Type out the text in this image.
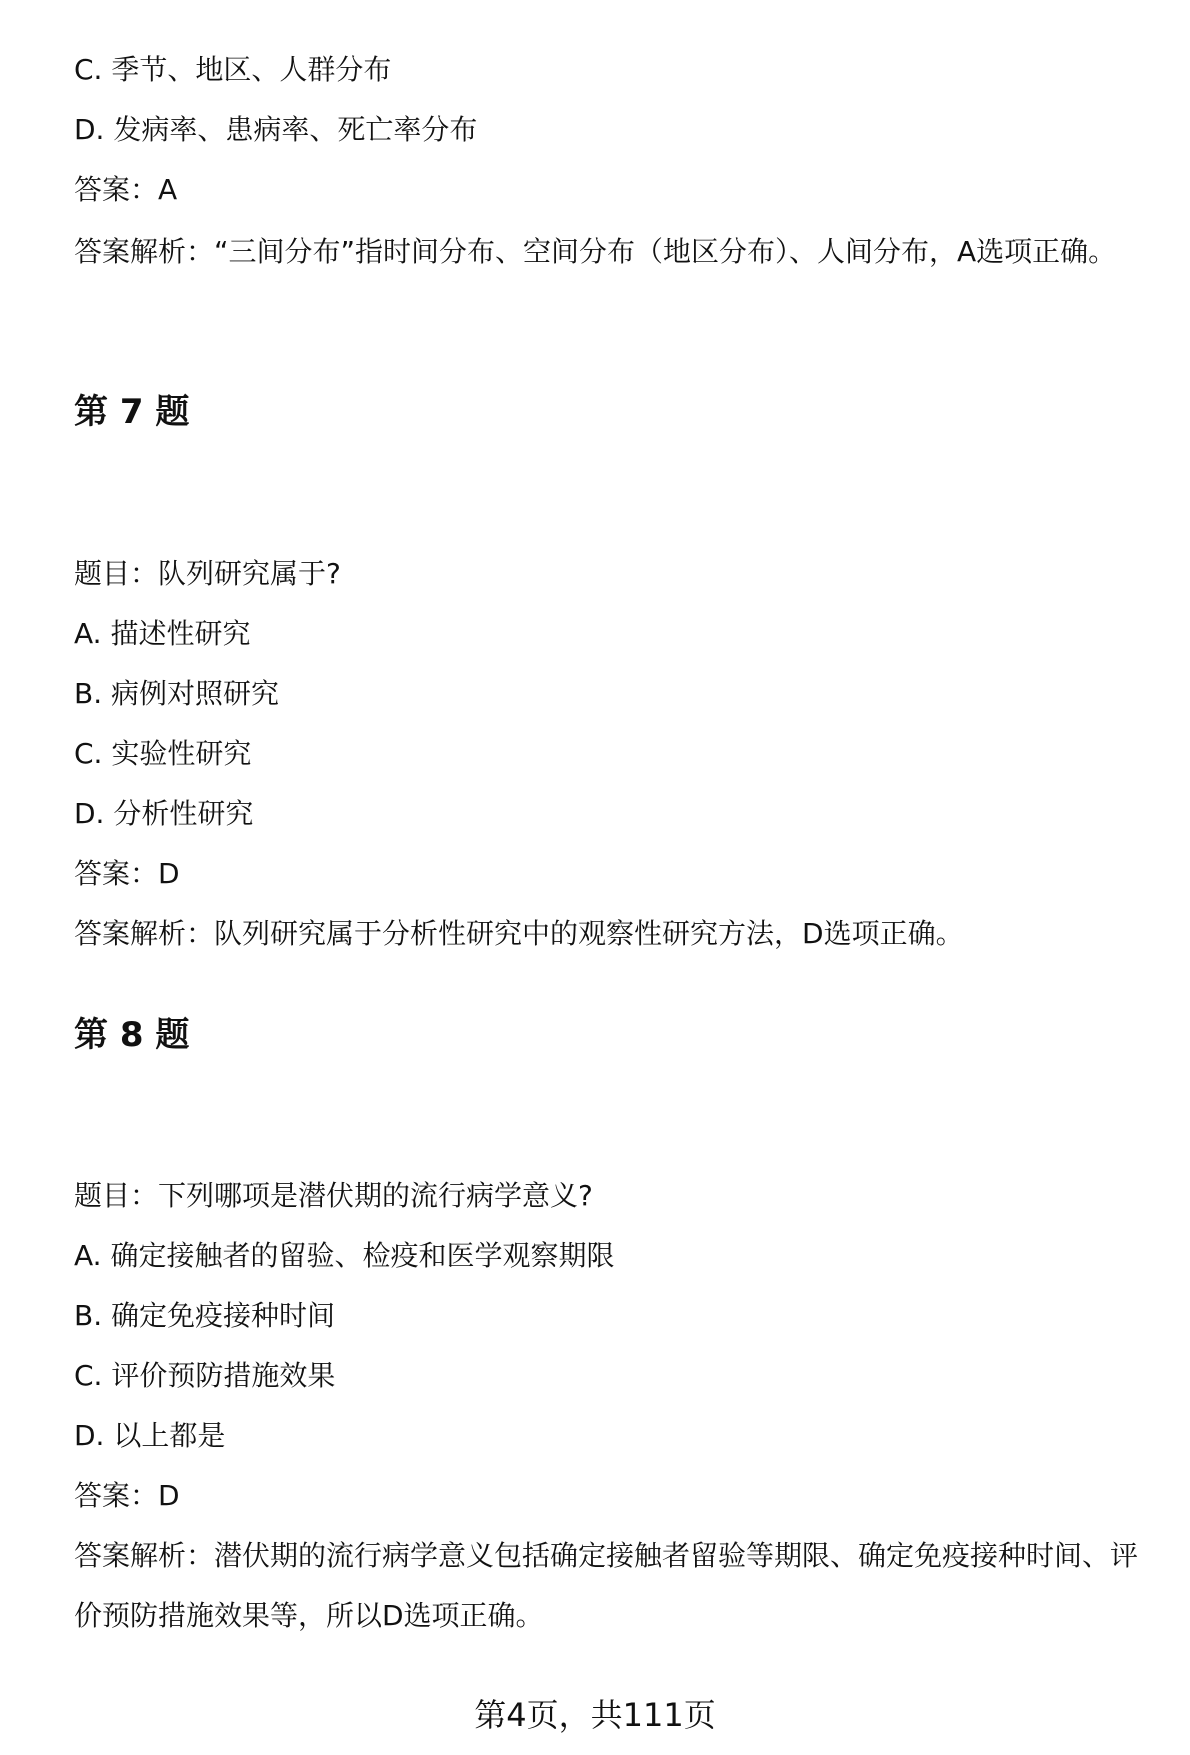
C. 季节、地区、人群分布

D. 发病率、患病率、死亡率分布

答案：A

答案解析：“三间分布”指时间分布、空间分布（地区分布）、人间分布，A选项正确。

第 7 题

题目：队列研究属于?

A. 描述性研究

B. 病例对照研究

C. 实验性研究

D. 分析性研究

答案：D

答案解析：队列研究属于分析性研究中的观察性研究方法，D选项正确。

第 8 题

题目：下列哪项是潜伏期的流行病学意义?

A. 确定接触者的留验、检疫和医学观察期限

B. 确定免疫接种时间

C. 评价预防措施效果

D. 以上都是

答案：D

答案解析：潜伏期的流行病学意义包括确定接触者留验等期限、确定免疫接种时间、评价预防措施效果等，所以D选项正确。

第4页，共111页
